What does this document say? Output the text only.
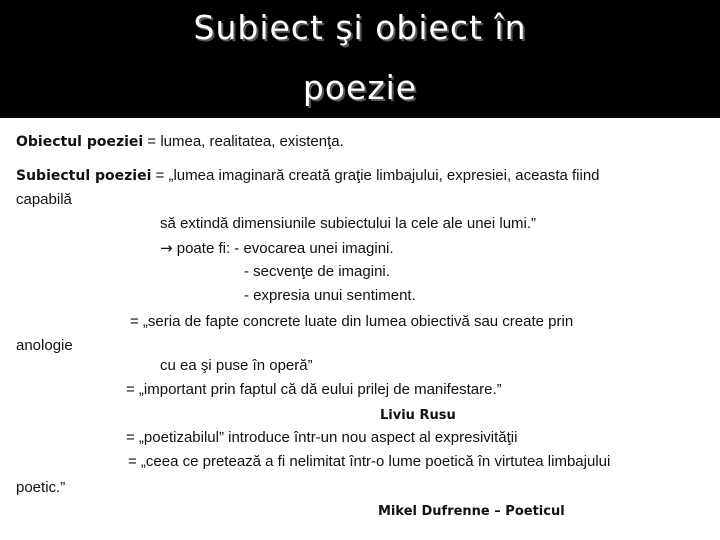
Subiect şi obiect în
poezie
Obiectul poeziei = lumea, realitatea, existenţa.
Subiectul poeziei = „lumea imaginară creată graţie limbajului, expresiei, aceasta fiind
capabilă
să extindă dimensiunile subiectului la cele ale unei lumi.”
→ poate fi: - evocarea unei imagini.
- secvenţe de imagini.
- expresia unui sentiment.
= „seria de fapte concrete luate din lumea obiectivă sau create prin
anologie
cu ea şi puse în operă”
= „important prin faptul că dă eului prilej de manifestare.”
Liviu Rusu
= „poetizabilul” introduce într-un nou aspect al expresivităţii
= „ceea ce pretează a fi nelimitat într-o lume poetică în virtutea limbajului
poetic.”
Mikel Dufrenne – Poeticul
